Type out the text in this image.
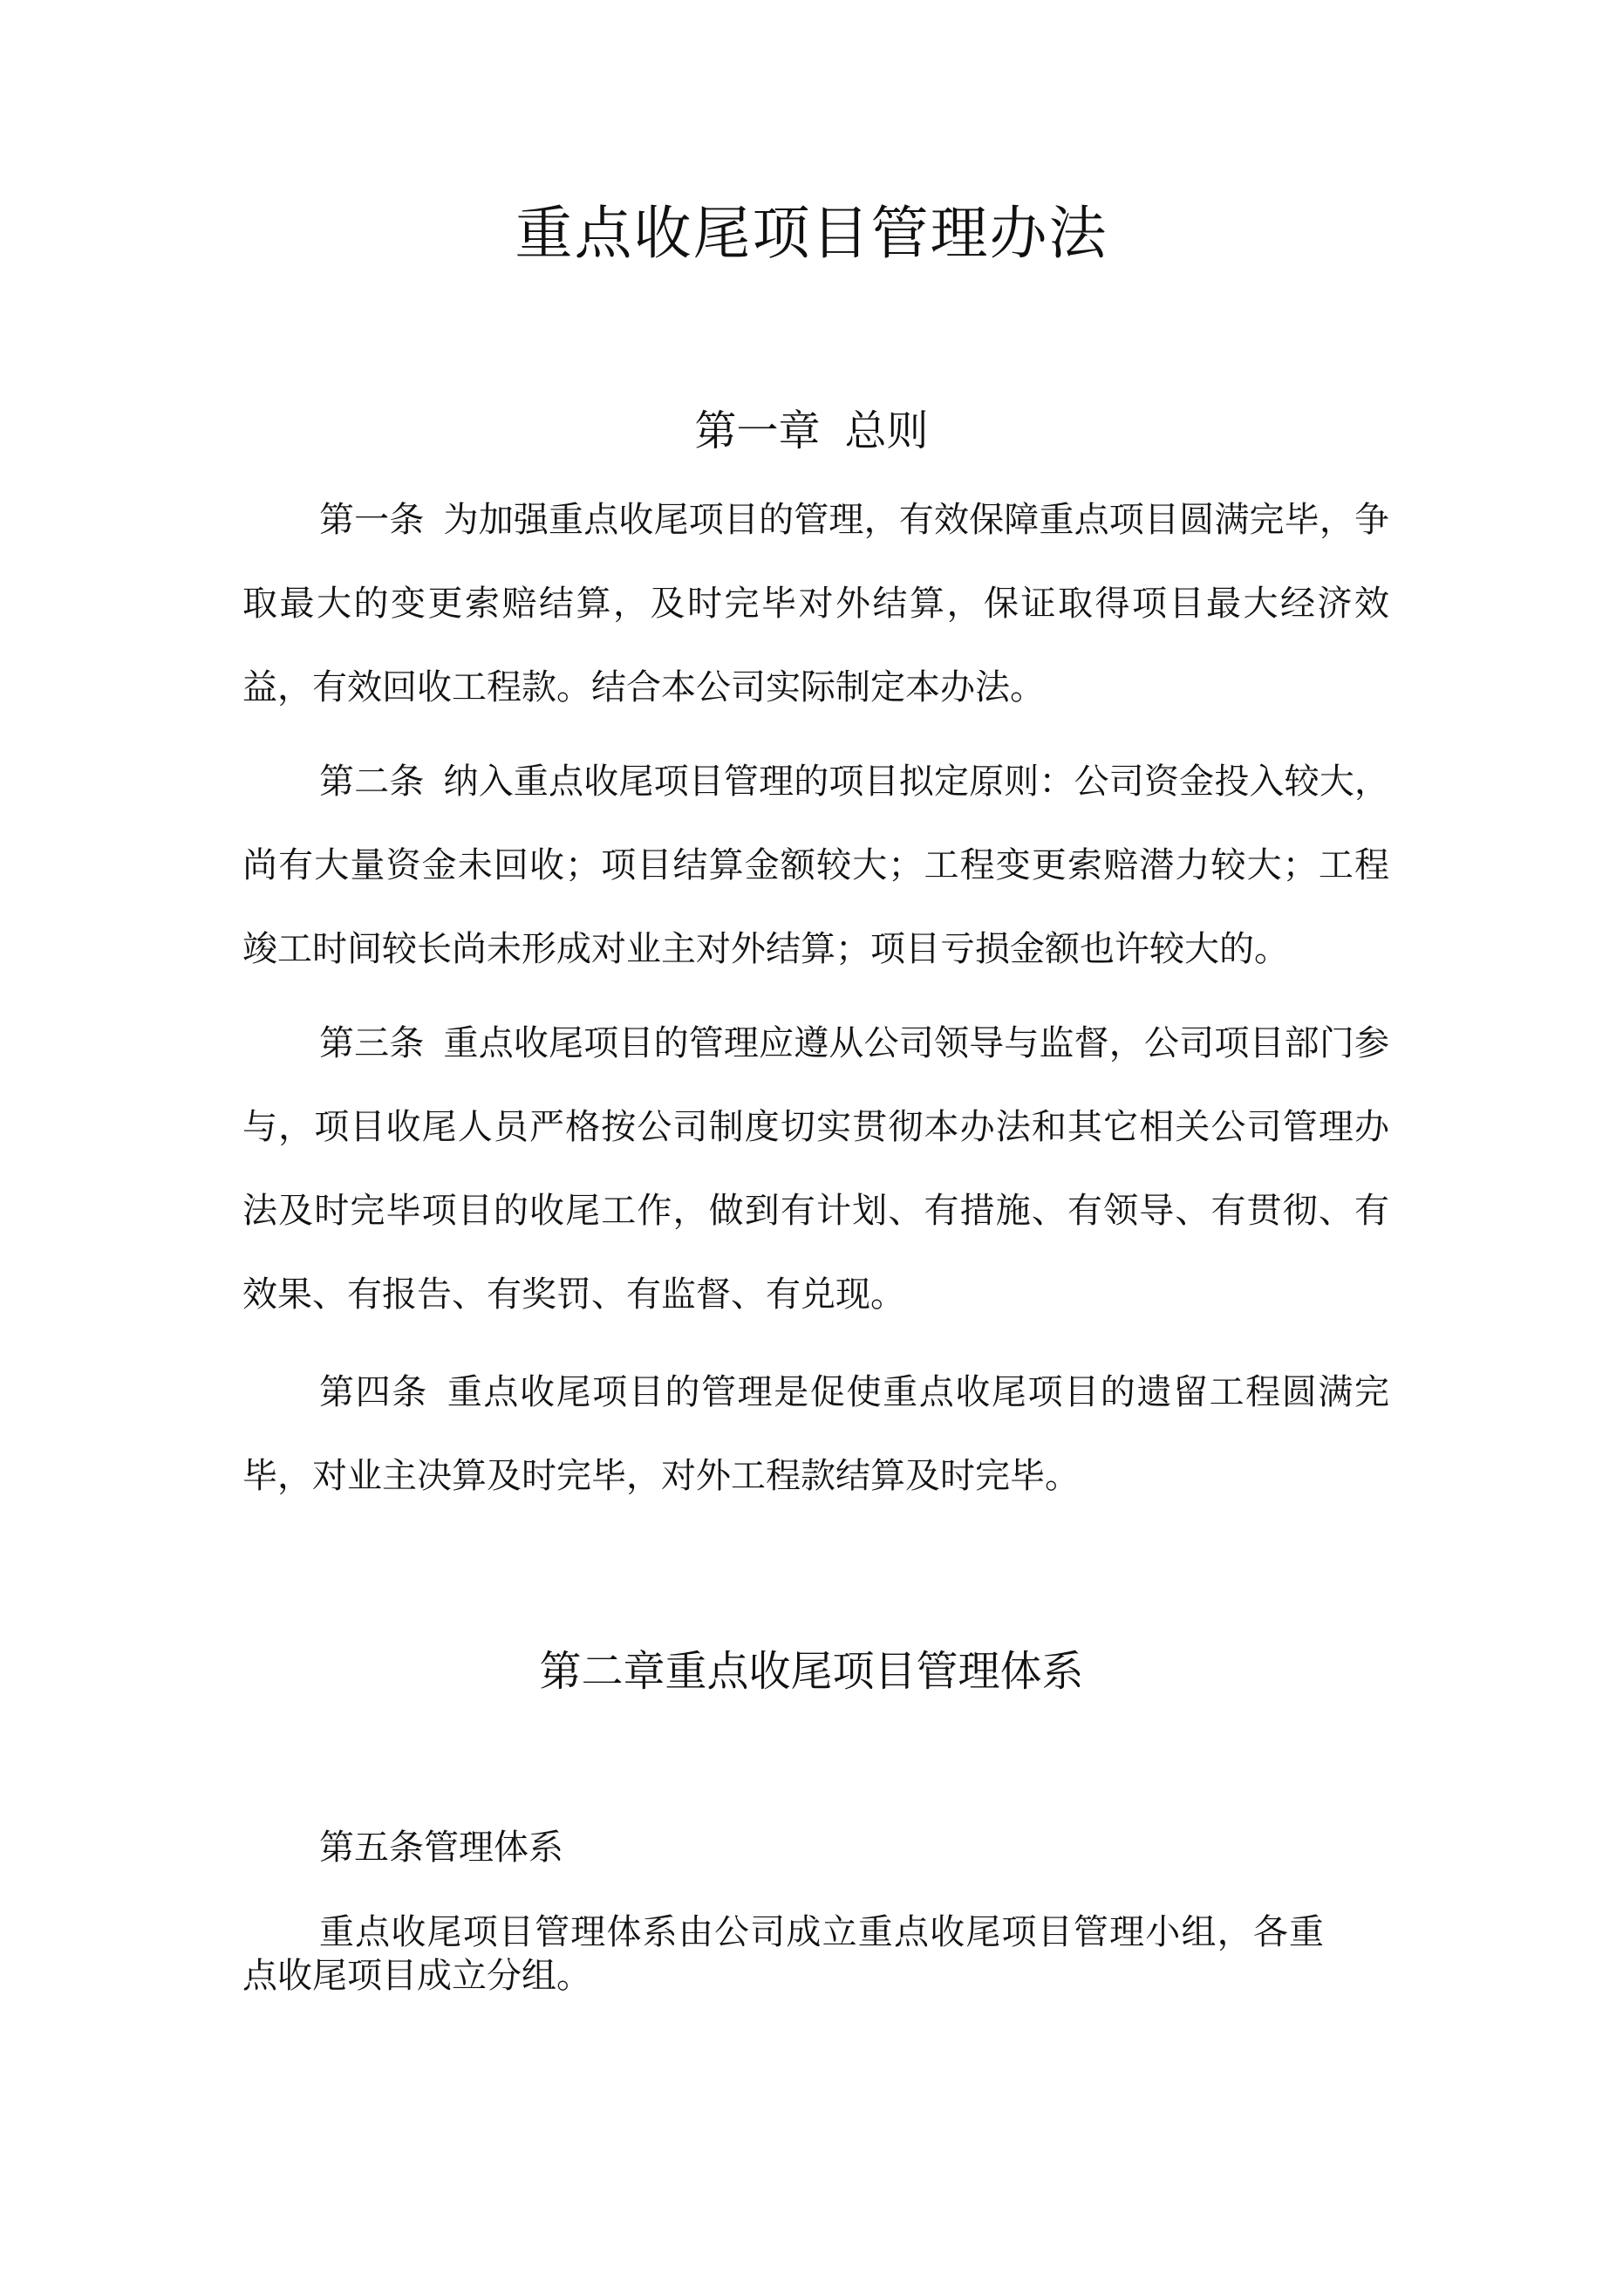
重点收尾项目管理办法
第一章 总则

第一条 为加强重点收尾项目的管理，有效保障重点项目圆满完毕，争取最大的变更索赔结算，及时完毕对外结算，保证取得项目最大经济效益，有效回收工程款。结合本公司实际制定本办法。

第二条 纳入重点收尾项目管理的项目拟定原则：公司资金投入较大，尚有大量资金未回收；项目结算金额较大；工程变更索赔潜力较大；工程竣工时间较长尚未形成对业主对外结算；项目亏损金额也许较大的。

第三条 重点收尾项目的管理应遵从公司领导与监督，公司项目部门参与，项目收尾人员严格按公司制度切实贯彻本办法和其它相关公司管理办法及时完毕项目的收尾工作，做到有计划、有措施、有领导、有贯彻、有效果、有报告、有奖罚、有监督、有兑现。

第四条 重点收尾项目的管理是促使重点收尾项目的遗留工程圆满完毕，对业主决算及时完毕，对外工程款结算及时完毕。

第二章重点收尾项目管理体系

第五条管理体系

重点收尾项目管理体系由公司成立重点收尾项目管理小组，各重点收尾项目成立分组。
